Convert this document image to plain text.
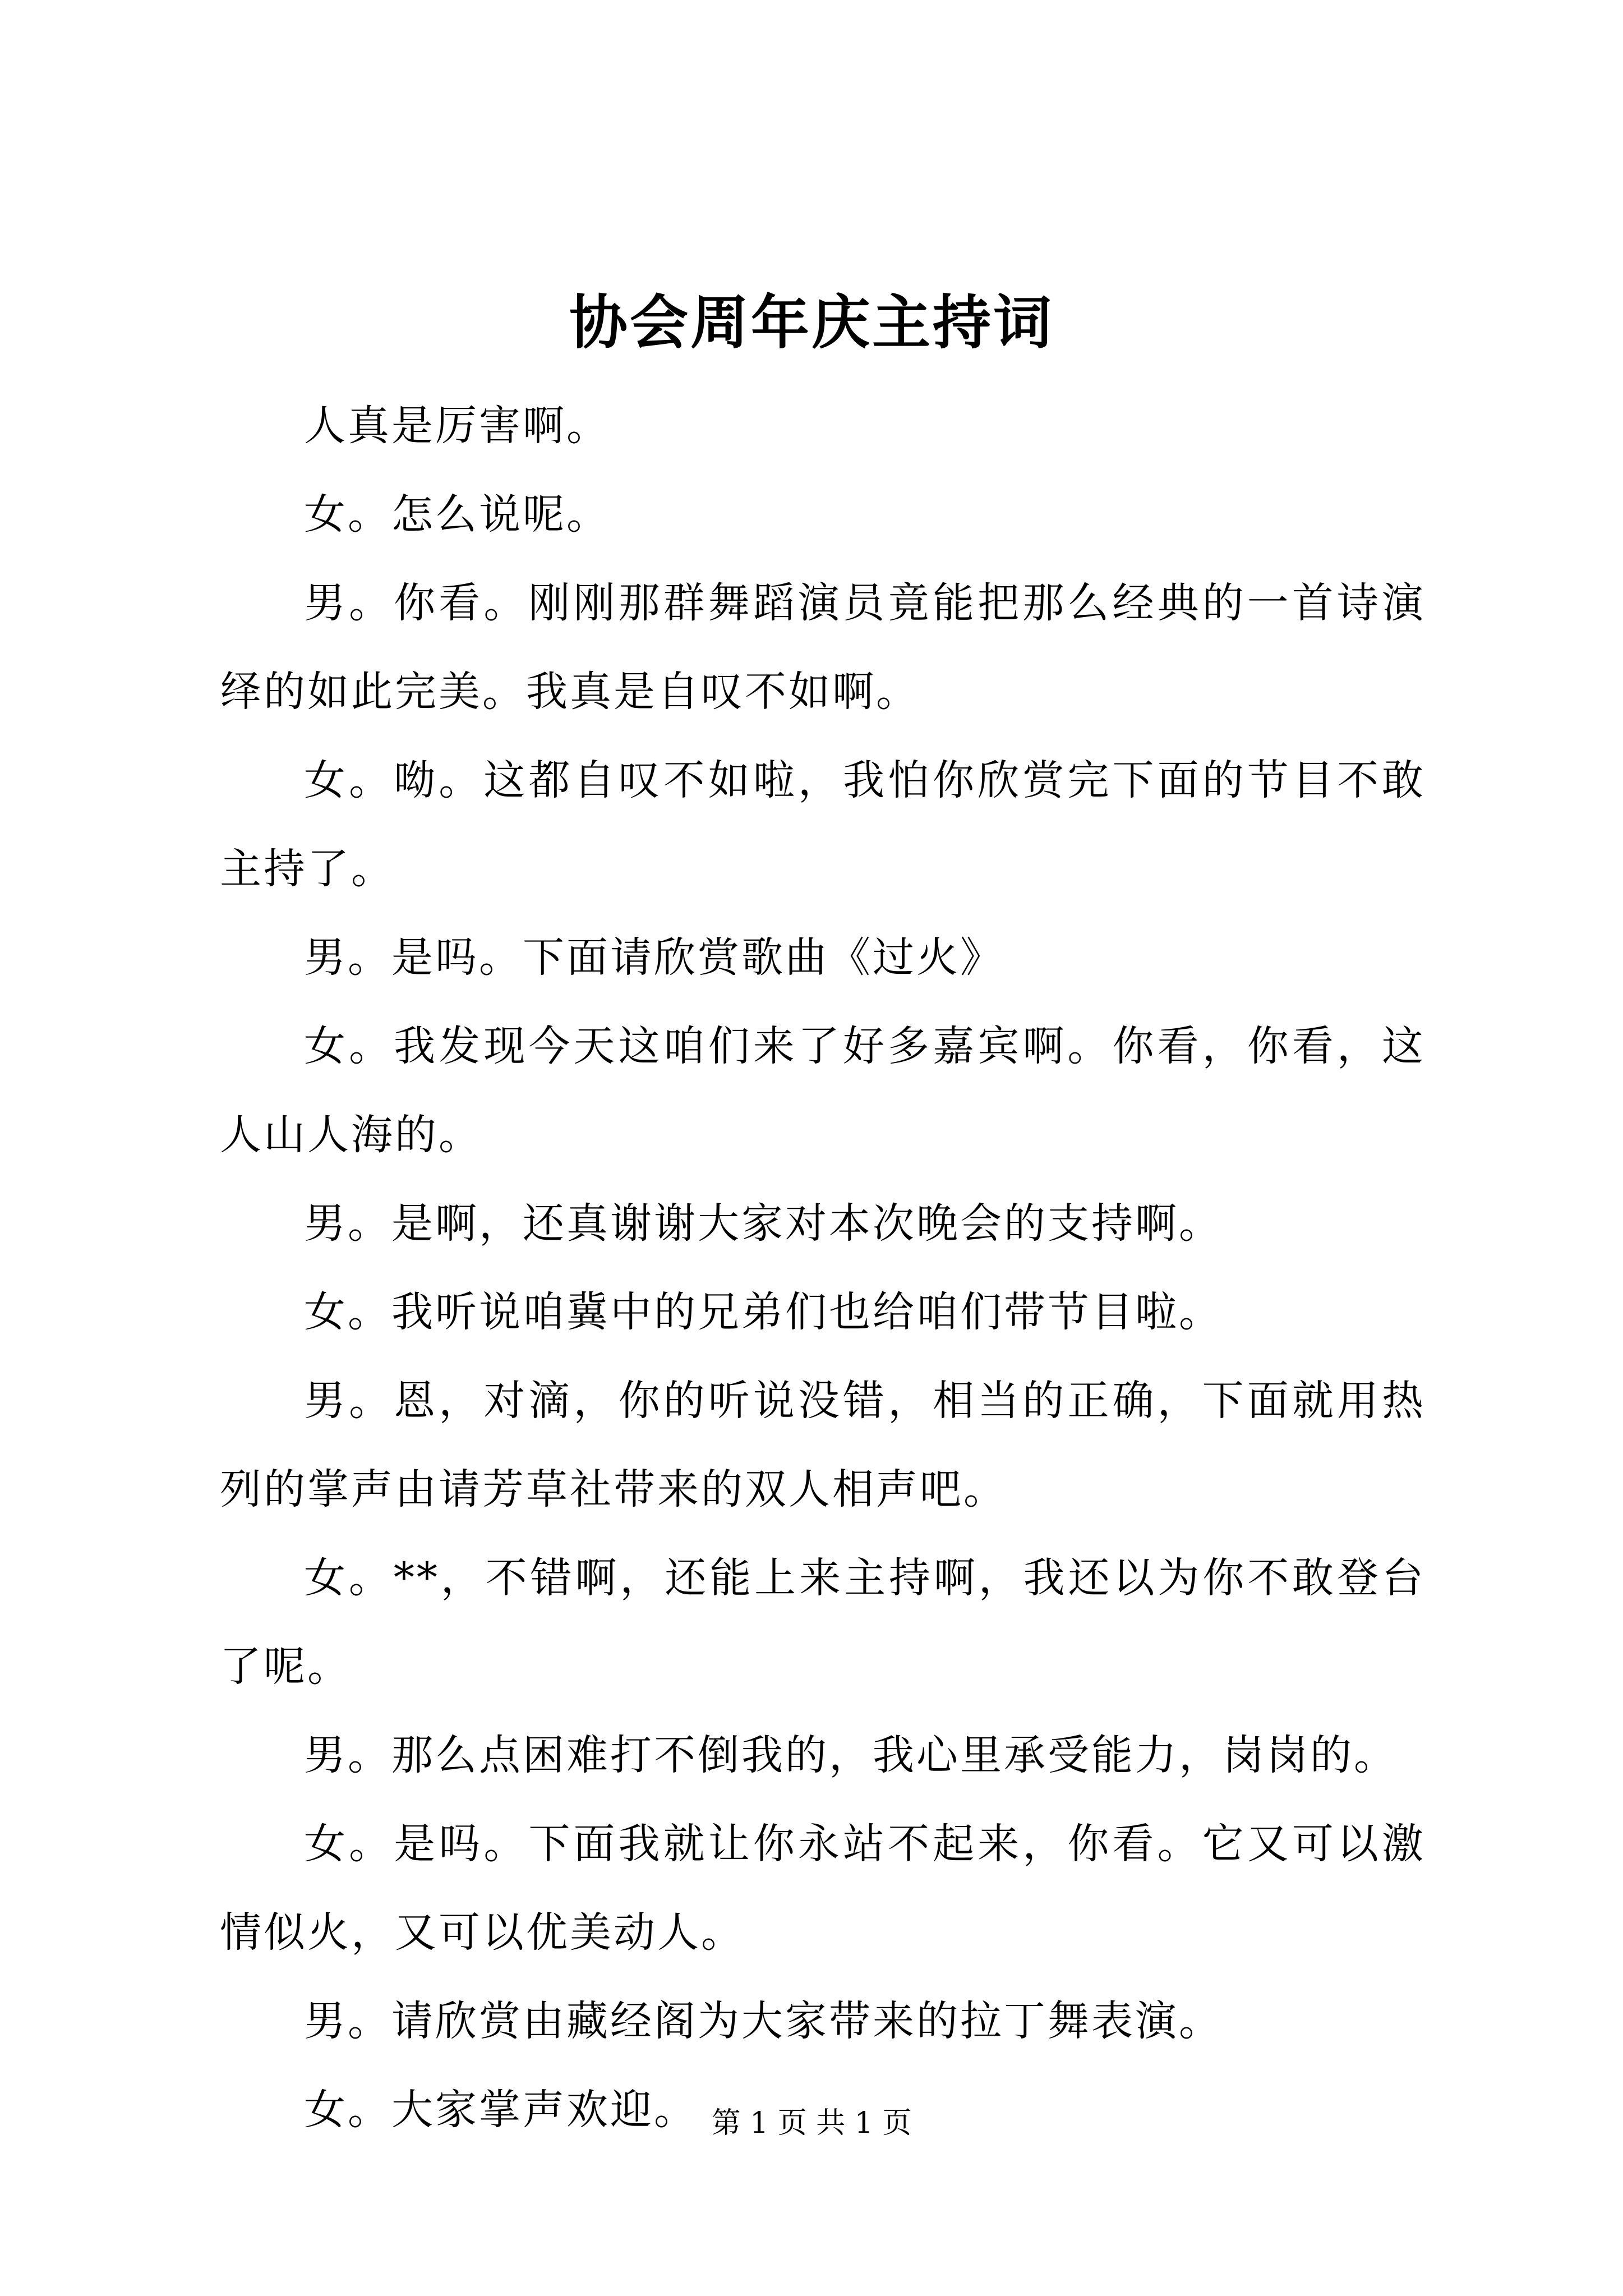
协会周年庆主持词

人真是厉害啊。

女。怎么说呢。

男。你看。刚刚那群舞蹈演员竟能把那么经典的一首诗演绎的如此完美。我真是自叹不如啊。

女。呦。这都自叹不如啦，我怕你欣赏完下面的节目不敢主持了。

男。是吗。下面请欣赏歌曲《过火》

女。我发现今天这咱们来了好多嘉宾啊。你看，你看，这人山人海的。

男。是啊，还真谢谢大家对本次晚会的支持啊。

女。我听说咱冀中的兄弟们也给咱们带节目啦。

男。恩，对滴，你的听说没错，相当的正确，下面就用热列的掌声由请芳草社带来的双人相声吧。

女。**，不错啊，还能上来主持啊，我还以为你不敢登台了呢。

男。那么点困难打不倒我的，我心里承受能力，岗岗的。

女。是吗。下面我就让你永站不起来，你看。它又可以激情似火，又可以优美动人。

男。请欣赏由藏经阁为大家带来的拉丁舞表演。

女。大家掌声欢迎。 第 1 页 共 1 页
